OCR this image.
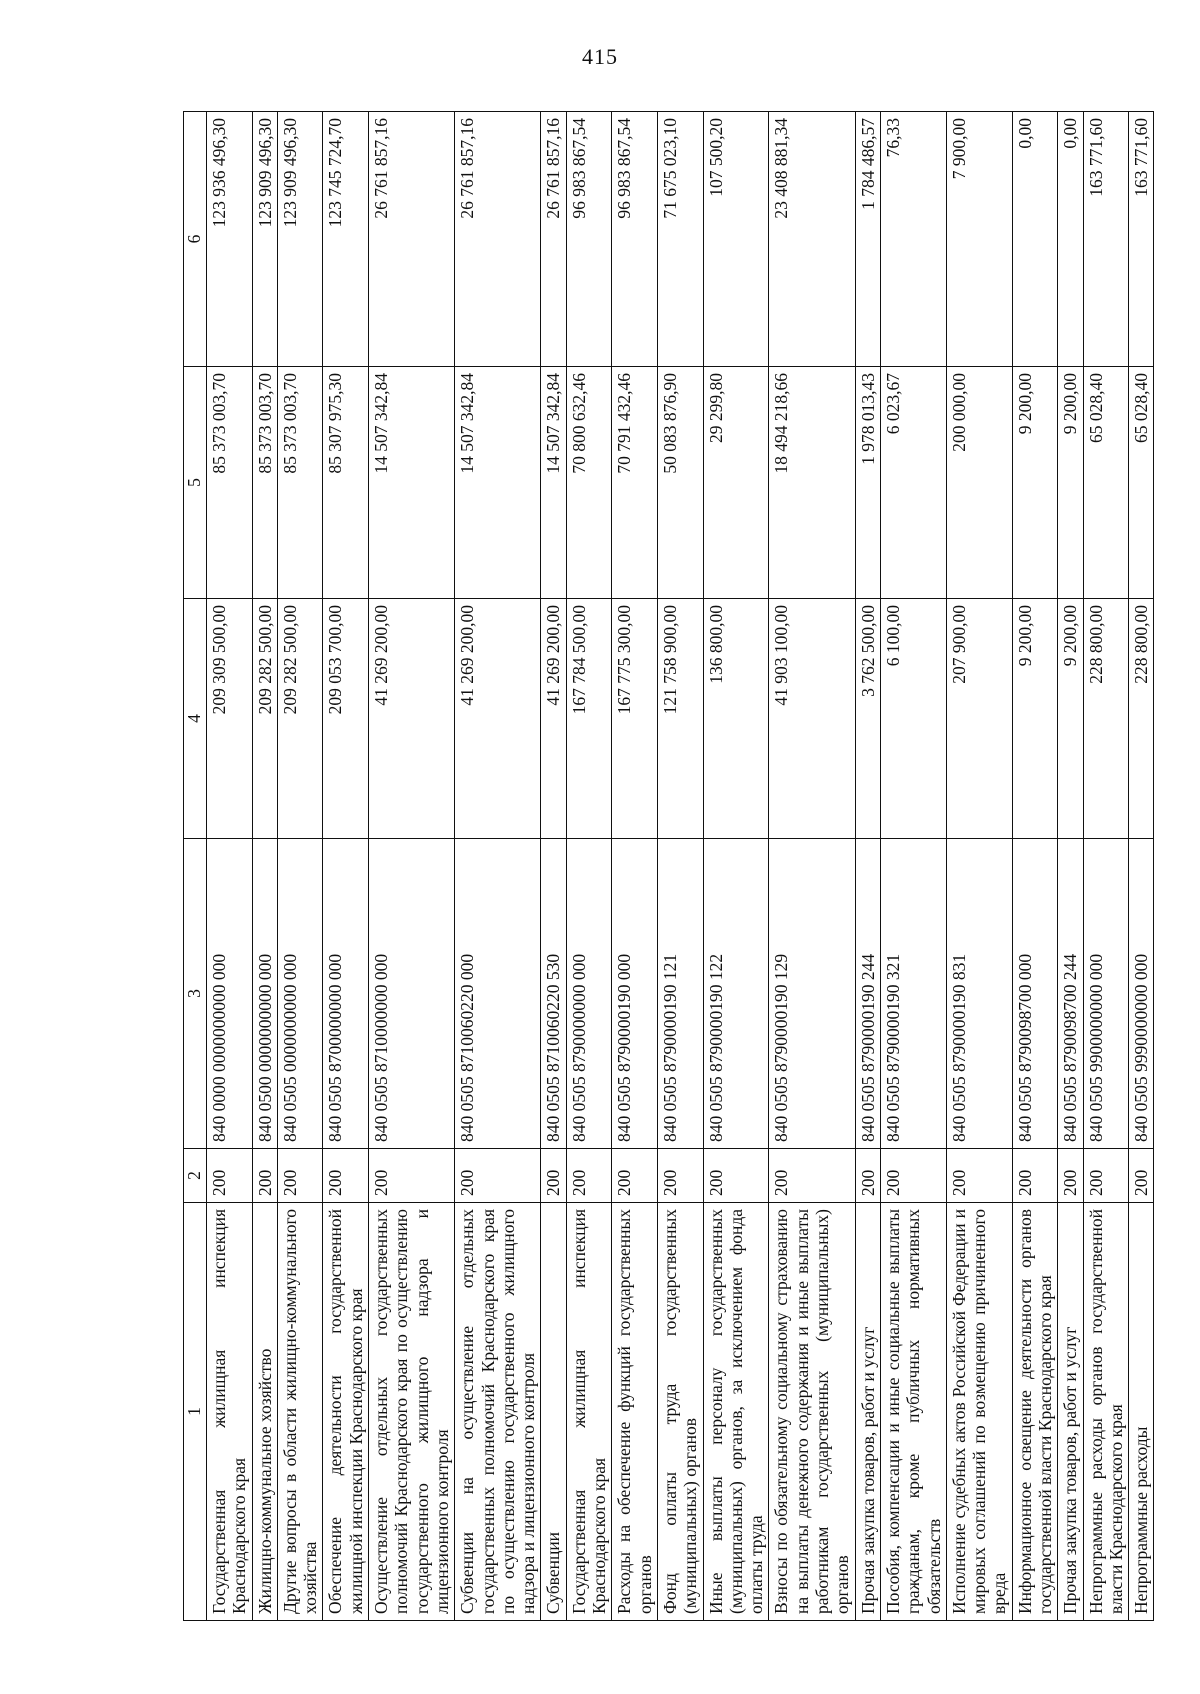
415
1	2	3	4	5	6
Государственная жилищная инспекция Краснодарского края	200	840 0000 0000000000 000	209 309 500,00	85 373 003,70	123 936 496,30
Жилищно-коммунальное хозяйство	200	840 0500 0000000000 000	209 282 500,00	85 373 003,70	123 909 496,30
Другие вопросы в области жилищно-коммунального хозяйства	200	840 0505 0000000000 000	209 282 500,00	85 373 003,70	123 909 496,30
Обеспечение деятельности государственной жилищной инспекции Краснодарского края	200	840 0505 8700000000 000	209 053 700,00	85 307 975,30	123 745 724,70
Осуществление отдельных государственных полномочий Краснодарского края по осуществлению государственного жилищного надзора и лицензионного контроля	200	840 0505 8710000000 000	41 269 200,00	14 507 342,84	26 761 857,16
Субвенции на осуществление отдельных государственных полномочий Краснодарского края по осуществлению государственного жилищного надзора и лицензионного контроля	200	840 0505 8710060220 000	41 269 200,00	14 507 342,84	26 761 857,16
Субвенции	200	840 0505 8710060220 530	41 269 200,00	14 507 342,84	26 761 857,16
Государственная жилищная инспекция Краснодарского края	200	840 0505 8790000000 000	167 784 500,00	70 800 632,46	96 983 867,54
Расходы на обеспечение функций государственных органов	200	840 0505 8790000190 000	167 775 300,00	70 791 432,46	96 983 867,54
Фонд оплаты труда государственных (муниципальных) органов	200	840 0505 8790000190 121	121 758 900,00	50 083 876,90	71 675 023,10
Иные выплаты персоналу государственных (муниципальных) органов, за исключением фонда оплаты труда	200	840 0505 8790000190 122	136 800,00	29 299,80	107 500,20
Взносы по обязательному социальному страхованию на выплаты денежного содержания и иные выплаты работникам государственных (муниципальных) органов	200	840 0505 8790000190 129	41 903 100,00	18 494 218,66	23 408 881,34
Прочая закупка товаров, работ и услуг	200	840 0505 8790000190 244	3 762 500,00	1 978 013,43	1 784 486,57
Пособия, компенсации и иные социальные выплаты гражданам, кроме публичных нормативных обязательств	200	840 0505 8790000190 321	6 100,00	6 023,67	76,33
Исполнение судебных актов Российской Федерации и мировых соглашений по возмещению причиненного вреда	200	840 0505 8790000190 831	207 900,00	200 000,00	7 900,00
Информационное освещение деятельности органов государственной власти Краснодарского края	200	840 0505 8790098700 000	9 200,00	9 200,00	0,00
Прочая закупка товаров, работ и услуг	200	840 0505 8790098700 244	9 200,00	9 200,00	0,00
Непрограммные расходы органов государственной власти Краснодарского края	200	840 0505 9900000000 000	228 800,00	65 028,40	163 771,60
Непрограммные расходы	200	840 0505 9990000000 000	228 800,00	65 028,40	163 771,60
